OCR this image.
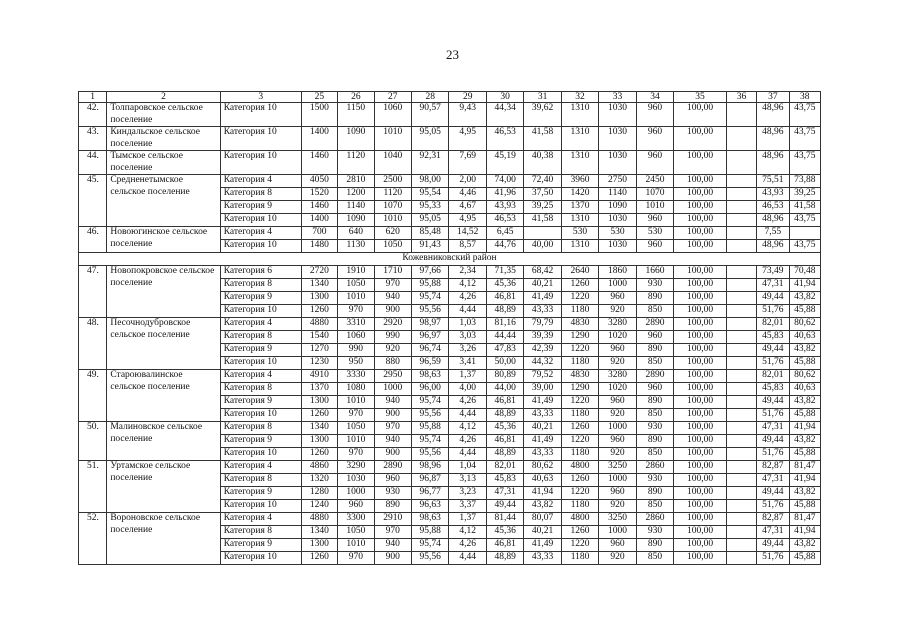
23
1	2	3	25	26	27	28	29	30	31	32	33	34	35	36	37	38
42.	Толпаровское сельское поселение	Категория 10	1500	1150	1060	90,57	9,43	44,34	39,62	1310	1030	960	100,00		48,96	43,75
43.	Киндальское сельское поселение	Категория 10	1400	1090	1010	95,05	4,95	46,53	41,58	1310	1030	960	100,00		48,96	43,75
44.	Тымское сельское поселение	Категория 10	1460	1120	1040	92,31	7,69	45,19	40,38	1310	1030	960	100,00		48,96	43,75
45.	Средненетымское сельское поселение	Категория 4	4050	2810	2500	98,00	2,00	74,00	72,40	3960	2750	2450	100,00		75,51	73,88
		Категория 8	1520	1200	1120	95,54	4,46	41,96	37,50	1420	1140	1070	100,00		43,93	39,25
		Категория 9	1460	1140	1070	95,33	4,67	43,93	39,25	1370	1090	1010	100,00		46,53	41,58
		Категория 10	1400	1090	1010	95,05	4,95	46,53	41,58	1310	1030	960	100,00		48,96	43,75
46.	Новоюгинское сельское поселение	Категория 4	700	640	620	85,48	14,52	6,45		530	530	530	100,00		7,55	
		Категория 10	1480	1130	1050	91,43	8,57	44,76	40,00	1310	1030	960	100,00		48,96	43,75
Кожевниковский район																
47.	Новопокровское сельское поселение	Категория 6	2720	1910	1710	97,66	2,34	71,35	68,42	2640	1860	1660	100,00		73,49	70,48
		Категория 8	1340	1050	970	95,88	4,12	45,36	40,21	1260	1000	930	100,00		47,31	41,94
		Категория 9	1300	1010	940	95,74	4,26	46,81	41,49	1220	960	890	100,00		49,44	43,82
		Категория 10	1260	970	900	95,56	4,44	48,89	43,33	1180	920	850	100,00		51,76	45,88
48.	Песочнодубровское сельское поселение	Категория 4	4880	3310	2920	98,97	1,03	81,16	79,79	4830	3280	2890	100,00		82,01	80,62
		Категория 8	1540	1060	990	96,97	3,03	44,44	39,39	1290	1020	960	100,00		45,83	40,63
		Категория 9	1270	990	920	96,74	3,26	47,83	42,39	1220	960	890	100,00		49,44	43,82
		Категория 10	1230	950	880	96,59	3,41	50,00	44,32	1180	920	850	100,00		51,76	45,88
49.	Староювалинское сельское поселение	Категория 4	4910	3330	2950	98,63	1,37	80,89	79,52	4830	3280	2890	100,00		82,01	80,62
		Категория 8	1370	1080	1000	96,00	4,00	44,00	39,00	1290	1020	960	100,00		45,83	40,63
		Категория 9	1300	1010	940	95,74	4,26	46,81	41,49	1220	960	890	100,00		49,44	43,82
		Категория 10	1260	970	900	95,56	4,44	48,89	43,33	1180	920	850	100,00		51,76	45,88
50.	Малиновское сельское поселение	Категория 8	1340	1050	970	95,88	4,12	45,36	40,21	1260	1000	930	100,00		47,31	41,94
		Категория 9	1300	1010	940	95,74	4,26	46,81	41,49	1220	960	890	100,00		49,44	43,82
		Категория 10	1260	970	900	95,56	4,44	48,89	43,33	1180	920	850	100,00		51,76	45,88
51.	Уртамское сельское поселение	Категория 4	4860	3290	2890	98,96	1,04	82,01	80,62	4800	3250	2860	100,00		82,87	81,47
		Категория 8	1320	1030	960	96,87	3,13	45,83	40,63	1260	1000	930	100,00		47,31	41,94
		Категория 9	1280	1000	930	96,77	3,23	47,31	41,94	1220	960	890	100,00		49,44	43,82
		Категория 10	1240	960	890	96,63	3,37	49,44	43,82	1180	920	850	100,00		51,76	45,88
52.	Вороновское сельское поселение	Категория 4	4880	3300	2910	98,63	1,37	81,44	80,07	4800	3250	2860	100,00		82,87	81,47
		Категория 8	1340	1050	970	95,88	4,12	45,36	40,21	1260	1000	930	100,00		47,31	41,94
		Категория 9	1300	1010	940	95,74	4,26	46,81	41,49	1220	960	890	100,00		49,44	43,82
		Категория 10	1260	970	900	95,56	4,44	48,89	43,33	1180	920	850	100,00		51,76	45,88
